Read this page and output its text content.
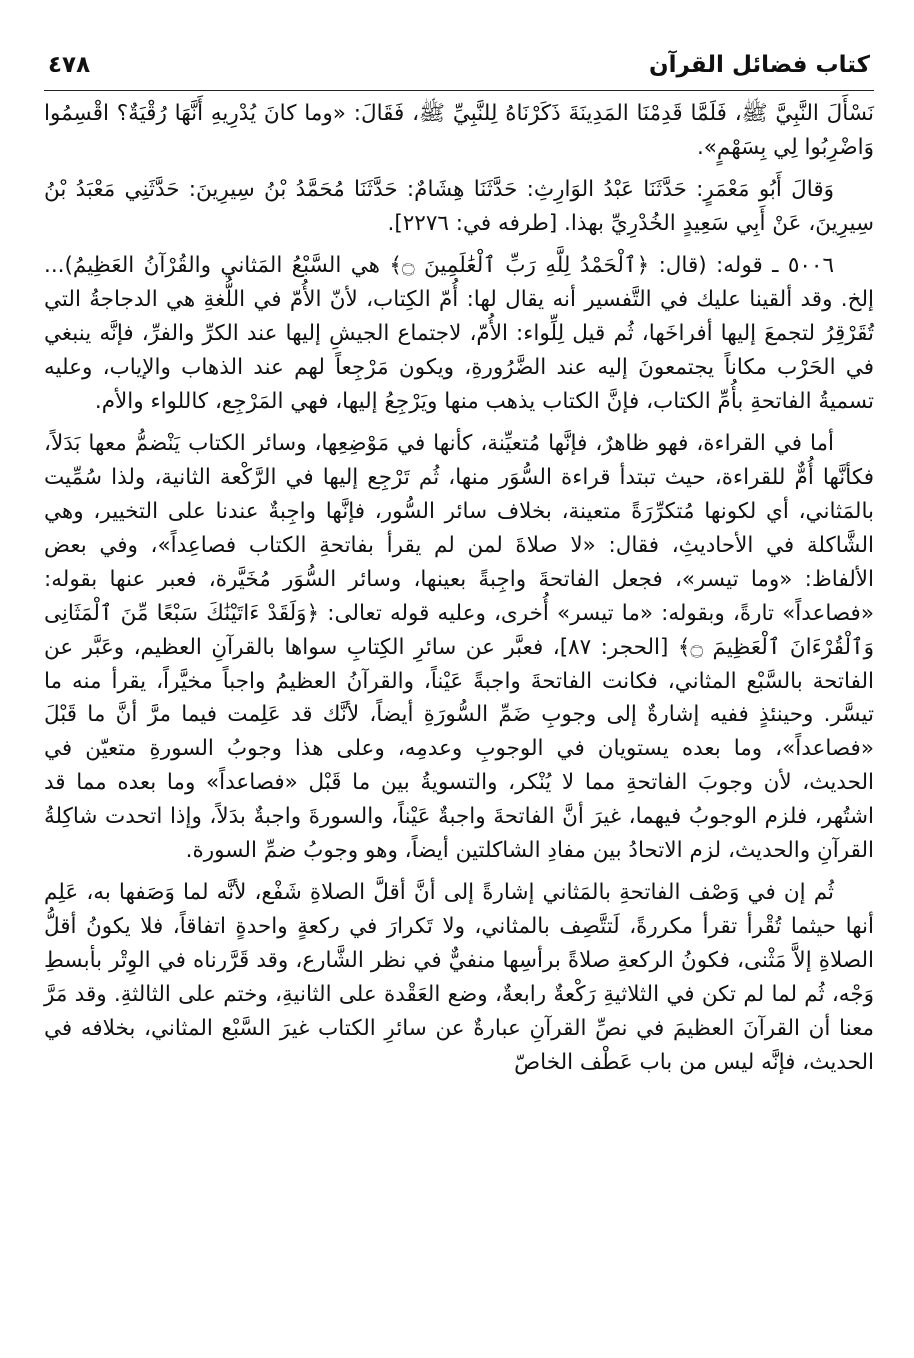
كتاب فضائل القرآن
٤٧٨

نَسْأَلَ النَّبِيَّ ﷺ، فَلَمَّا قَدِمْنَا المَدِينَةَ ذَكَرْنَاهُ لِلنَّبِيِّ ﷺ، فَقَالَ: «وما كانَ يُدْرِيهِ أَنَّهَا رُقْيَةٌ؟ اقْسِمُوا وَاضْرِبُوا لِي بِسَهْمٍ».

وَقالَ أَبُو مَعْمَرٍ: حَدَّثَنَا عَبْدُ الوَارِثِ: حَدَّثَنَا هِشَامٌ: حَدَّثَنَا مُحَمَّدُ بْنُ سِيرِينَ: حَدَّثَنِي مَعْبَدُ بْنُ سِيرِينَ، عَنْ أَبِي سَعِيدٍ الخُدْرِيِّ بهذا. [طرفه في: ٢٢٧٦].

٥٠٠٦ ـ قوله: (قال: ﴿ٱلْحَمْدُ لِلَّهِ رَبِّ ٱلْعَٰلَمِينَ ۝﴾ هي السَّبْعُ المَثاني والقُرْآنُ العَظِيمُ)... إلخ. وقد ألقينا عليك في التَّفسير أنه يقال لها: أُمّ الكِتاب، لأنّ الأُمّ في اللُّغةِ هي الدجاجةُ التي تُقَرْقِرُ لتجمعَ إليها أفراخَها، ثُم قيل لِلِّواء: الأُمّ، لاجتماع الجيشِ إليها عند الكرِّ والفرِّ، فإنَّه ينبغي في الحَرْب مكاناً يجتمعونَ إليه عند الضَّرُورةِ، ويكون مَرْجِعاً لهم عند الذهاب والإياب، وعليه تسميةُ الفاتحةِ بأُمِّ الكتاب، فإنَّ الكتاب يذهب منها ويَرْجِعُ إليها، فهي المَرْجِع، كاللواء والأم.

أما في القراءة، فهو ظاهرٌ، فإنَّها مُتعيِّنة، كأنها في مَوْضِعِها، وسائر الكتاب يَنْضمُّ معها بَدَلاً، فكأنَّها أُمٌّ للقراءة، حيث تبتدأ قراءة السُّوَر منها، ثُم تَرْجِع إليها في الرَّكْعة الثانية، ولذا سُمِّيت بالمَثاني، أي لكونها مُتكرِّرَةً متعينة، بخلاف سائر السُّور، فإنَّها واجِبةٌ عندنا على التخيير، وهي الشَّاكلة في الأحاديثِ، فقال: «لا صلاةَ لمن لم يقرأ بفاتحةِ الكتاب فصاعِداً»، وفي بعض الألفاظ: «وما تيسر»، فجعل الفاتحةَ واجِبةً بعينها، وسائر السُّوَر مُخَيَّرة، فعبر عنها بقوله: «فصاعداً» تارةً، وبقوله: «ما تيسر» أُخرى، وعليه قوله تعالى: ﴿وَلَقَدْ ءَاتَيْنَٰكَ سَبْعًا مِّنَ ٱلْمَثَانِى وَٱلْقُرْءَانَ ٱلْعَظِيمَ ۝﴾ [الحجر: ٨٧]، فعبَّر عن سائرِ الكِتابِ سواها بالقرآنِ العظيم، وعَبَّر عن الفاتحة بالسَّبْع المثاني، فكانت الفاتحةَ واجبةً عَيْناً، والقرآنُ العظيمُ واجباً مخيَّراً، يقرأ منه ما تيسَّر. وحينئذٍ ففيه إشارةٌ إلى وجوبِ ضَمِّ السُّورَةِ أيضاً، لأنَّك قد عَلِمت فيما مرَّ أنَّ ما قَبْلَ «فصاعداً»، وما بعده يستويان في الوجوبِ وعدمِه، وعلى هذا وجوبُ السورةِ متعيّن في الحديث، لأن وجوبَ الفاتحةِ مما لا يُنْكر، والتسويةُ بين ما قَبْل «فصاعداً» وما بعده مما قد اشتُهر، فلزم الوجوبُ فيهما، غيرَ أنَّ الفاتحةَ واجبةٌ عَيْناً، والسورةَ واجبةٌ بدَلاً، وإذا اتحدت شاكِلةُ القرآنِ والحديث، لزم الاتحادُ بين مفادِ الشاكلتين أيضاً، وهو وجوبُ ضمِّ السورة.

ثُم إن في وَصْف الفاتحةِ بالمَثاني إشارةً إلى أنَّ أقلَّ الصلاةِ شَفْع، لأنَّه لما وَصَفها به، عَلِم أنها حيثما تُقْرأ تقرأ مكررةً، لَتتَّصِف بالمثاني، ولا تَكرارَ في ركعةٍ واحدةٍ اتفاقاً، فلا يكونُ أقلُّ الصلاةِ إلاَّ مَثْنى، فكونُ الركعةِ صلاةً برأسِها منفيٌّ في نظر الشَّارع، وقد قَرَّرناه في الوِتْر بأبسطِ وَجْه، ثُم لما لم تكن في الثلاثيةِ رَكْعةٌ رابعةٌ، وضع العَقْدة على الثانيةِ، وختم على الثالثةِ. وقد مَرَّ معنا أن القرآنَ العظيمَ في نصِّ القرآنِ عبارةٌ عن سائرِ الكتاب غيرَ السَّبْع المثاني، بخلافه في الحديث، فإنَّه ليس من باب عَطْف الخاصّ
